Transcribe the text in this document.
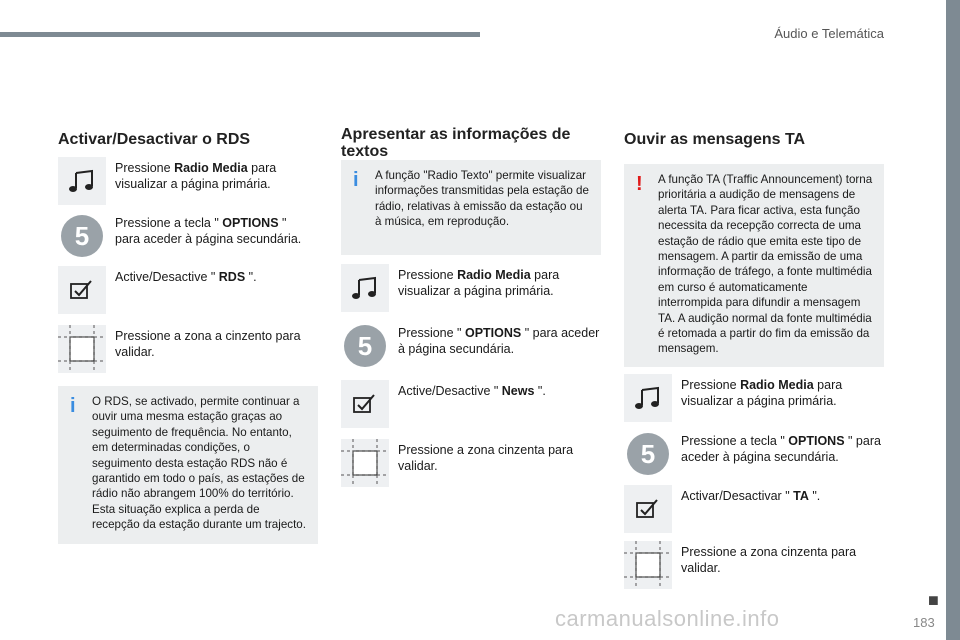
Áudio e Telemática
Activar/Desactivar o RDS
Pressione Radio Media para visualizar a página primária.
5	Pressione a tecla " OPTIONS " para aceder à página secundária.
Active/Desactive " RDS ".
Pressione a zona a cinzento para validar.
i O RDS, se activado, permite continuar a ouvir uma mesma estação graças ao seguimento de frequência. No entanto, em determinadas condições, o seguimento desta estação RDS não é garantido em todo o país, as estações de rádio não abrangem 100% do território. Esta situação explica a perda de recepção da estação durante um trajecto.
Apresentar as informações de textos
i A função "Radio Texto" permite visualizar informações transmitidas pela estação de rádio, relativas à emissão da estação ou à música, em reprodução.
Pressione Radio Media para visualizar a página primária.
5	Pressione " OPTIONS " para aceder à página secundária.
Active/Desactive " News ".
Pressione a zona cinzenta para validar.
Ouvir as mensagens TA
! A função TA (Traffic Announcement) torna prioritária a audição de mensagens de alerta TA. Para ficar activa, esta função necessita da recepção correcta de uma estação de rádio que emita este tipo de mensagem. A partir da emissão de uma informação de tráfego, a fonte multimédia em curso é automaticamente interrompida para difundir a mensagem TA. A audição normal da fonte multimédia é retomada a partir do fim da emissão da mensagem.
Pressione Radio Media para visualizar a página primária.
5	Pressione a tecla " OPTIONS " para aceder à página secundária.
Activar/Desactivar " TA ".
Pressione a zona cinzenta para validar.
carmanualsonline.info
■
183
